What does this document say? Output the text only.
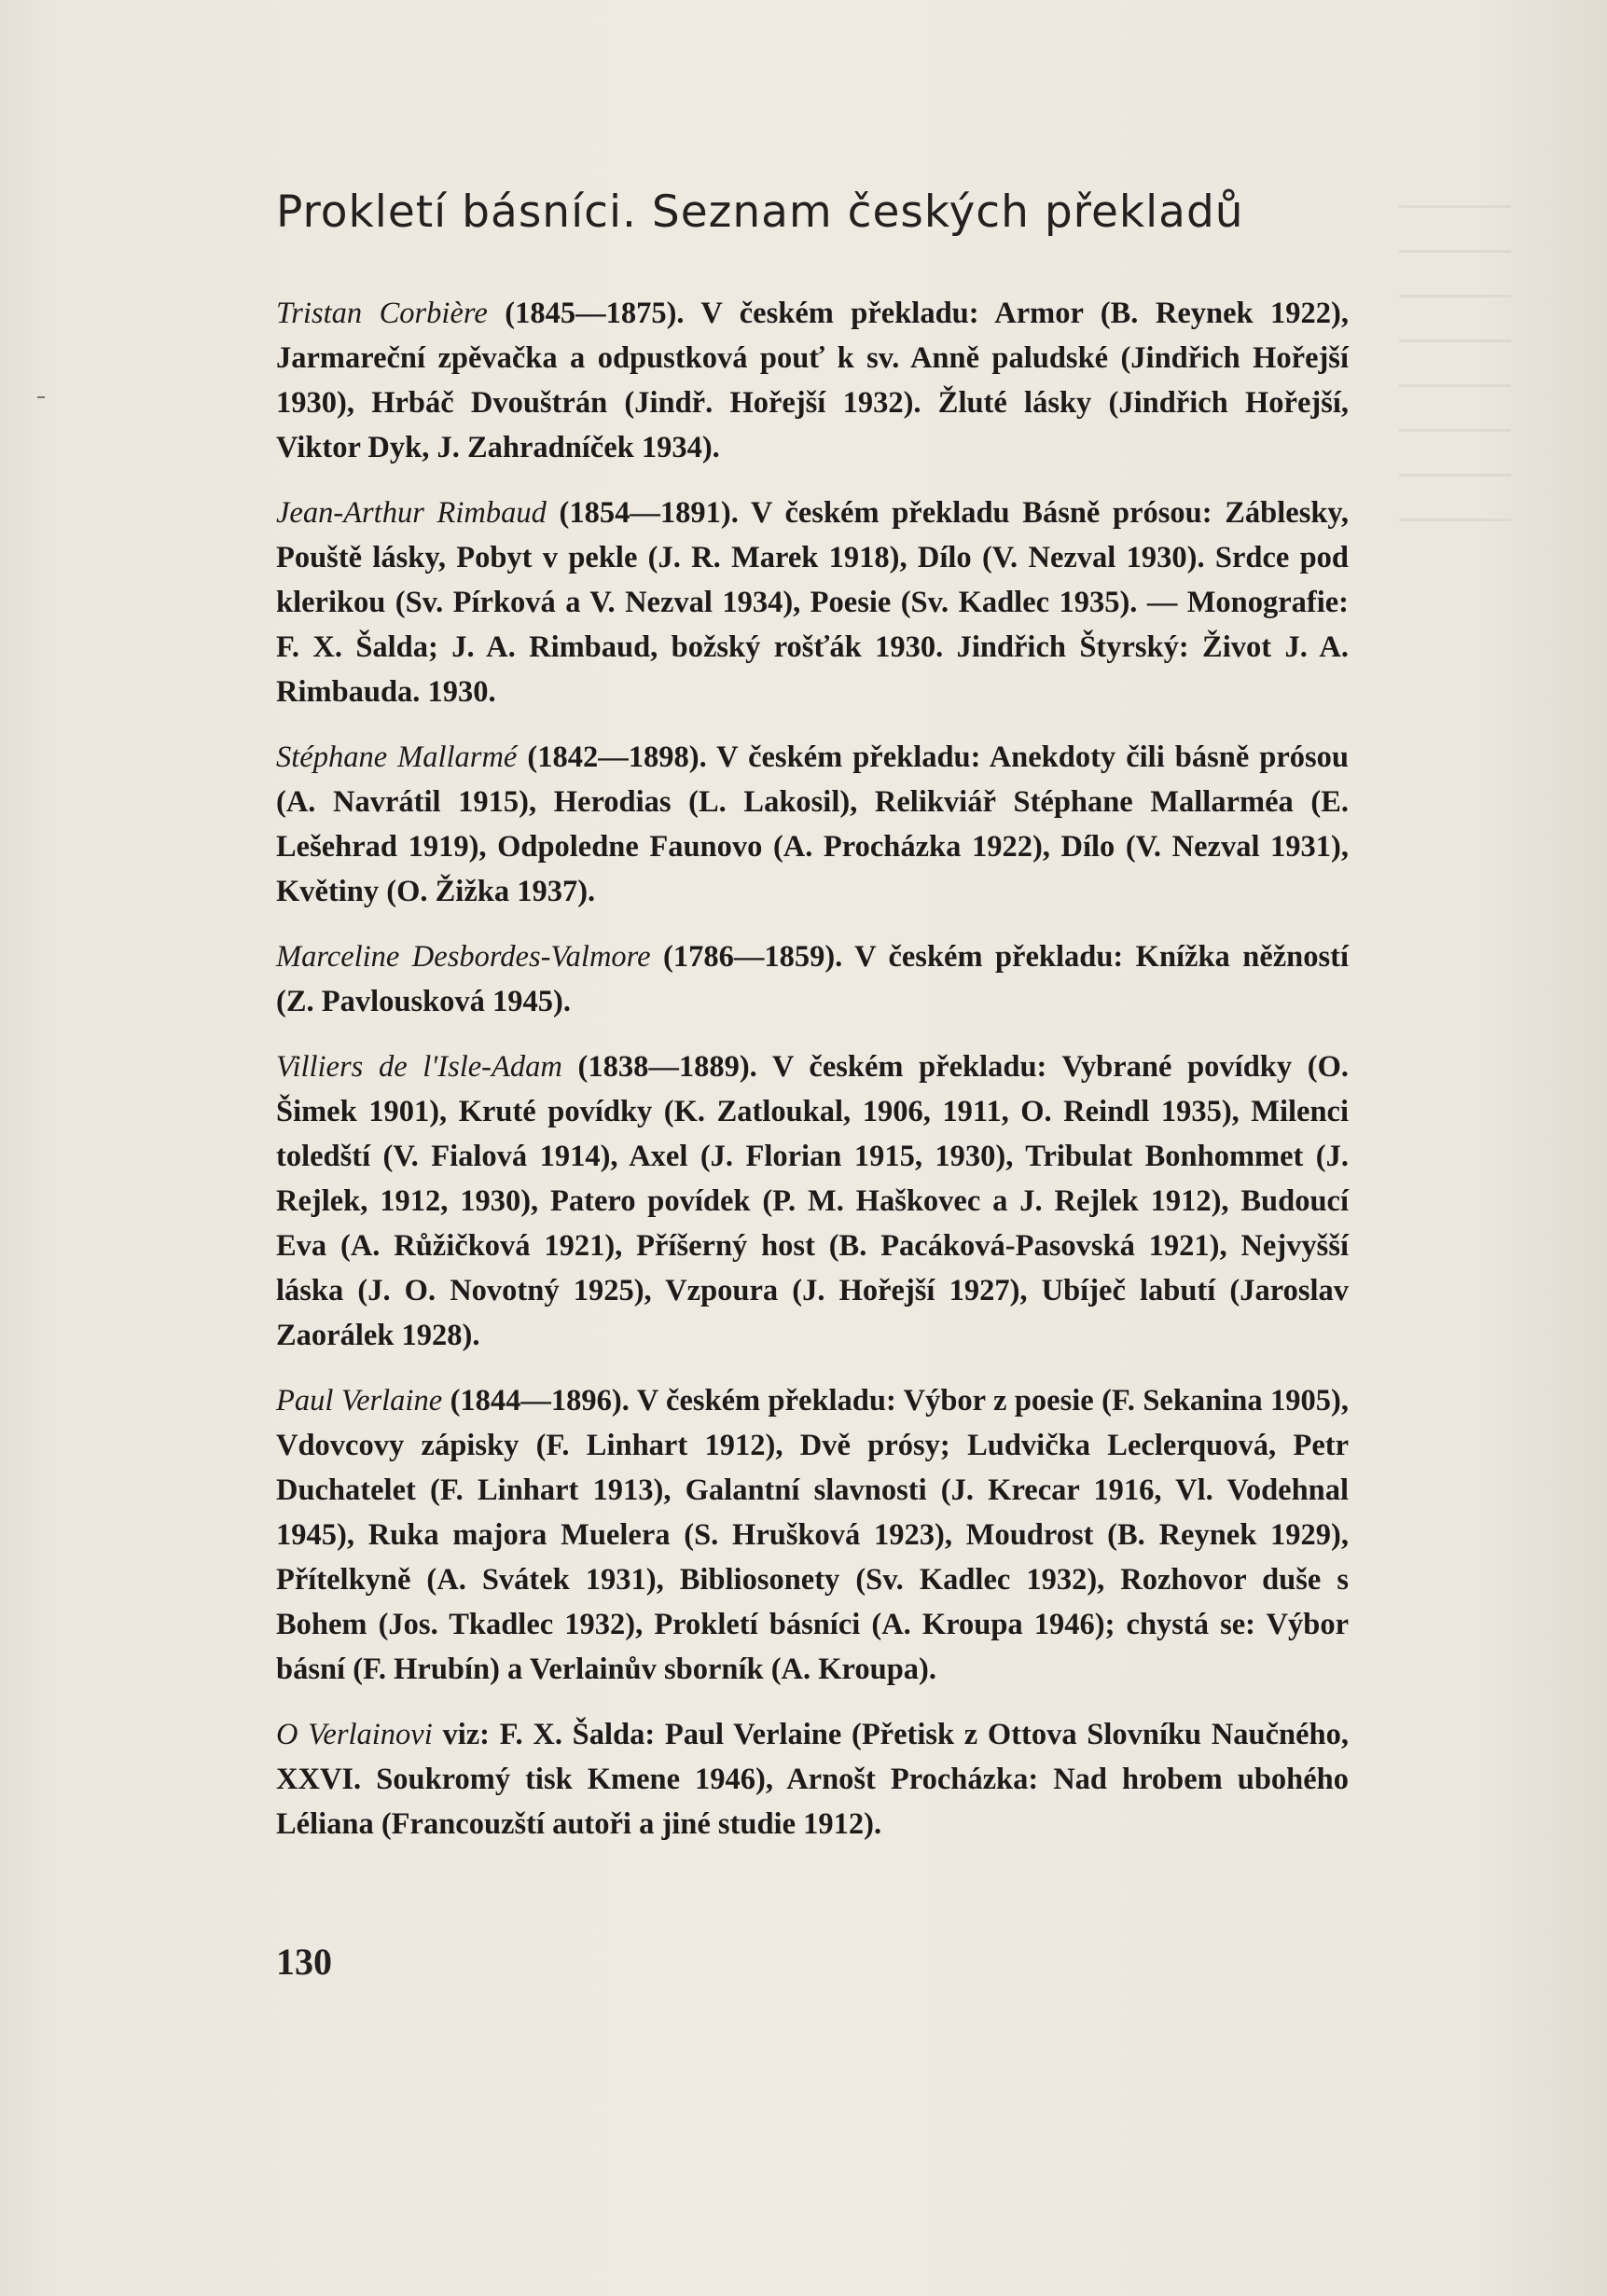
Prokletí básníci. Seznam českých překladů

Tristan Corbière (1845—1875). V českém překladu: Armor (B. Reynek 1922), Jarmareční zpěvačka a odpustková pouť k sv. Anně paludské (Jindřich Hořejší 1930), Hrbáč Dvouštrán (Jindř. Hořejší 1932). Žluté lásky (Jindřich Hořejší, Viktor Dyk, J. Zahradníček 1934).

Jean-Arthur Rimbaud (1854—1891). V českém překladu Básně prósou: Záblesky, Pouště lásky, Pobyt v pekle (J. R. Marek 1918), Dílo (V. Nezval 1930). Srdce pod klerikou (Sv. Pírková a V. Nezval 1934), Poesie (Sv. Kadlec 1935). — Monografie: F. X. Šalda; J. A. Rimbaud, božský rošťák 1930. Jindřich Štyrský: Život J. A. Rimbauda. 1930.

Stéphane Mallarmé (1842—1898). V českém překladu: Anekdoty čili básně prósou (A. Navrátil 1915), Herodias (L. Lakosil), Relikviář Stéphane Mallarméa (E. Lešehrad 1919), Odpoledne Faunovo (A. Procházka 1922), Dílo (V. Nezval 1931), Květiny (O. Žižka 1937).

Marceline Desbordes-Valmore (1786—1859). V českém překladu: Knížka něžností (Z. Pavlousková 1945).

Villiers de l'Isle-Adam (1838—1889). V českém překladu: Vybrané povídky (O. Šimek 1901), Kruté povídky (K. Zatloukal, 1906, 1911, O. Reindl 1935), Milenci toledští (V. Fialová 1914), Axel (J. Florian 1915, 1930), Tribulat Bonhommet (J. Rejlek, 1912, 1930), Patero povídek (P. M. Haškovec a J. Rejlek 1912), Budoucí Eva (A. Růžičková 1921), Příšerný host (B. Pacáková-Pasovská 1921), Nejvyšší láska (J. O. Novotný 1925), Vzpoura (J. Hořejší 1927), Ubíječ labutí (Jaroslav Zaorálek 1928).

Paul Verlaine (1844—1896). V českém překladu: Výbor z poesie (F. Sekanina 1905), Vdovcovy zápisky (F. Linhart 1912), Dvě prósy; Ludvička Leclerquová, Petr Duchatelet (F. Linhart 1913), Galantní slavnosti (J. Krecar 1916, Vl. Vodehnal 1945), Ruka majora Muelera (S. Hrušková 1923), Moudrost (B. Reynek 1929), Přítelkyně (A. Svátek 1931), Bibliosonety (Sv. Kadlec 1932), Rozhovor duše s Bohem (Jos. Tkadlec 1932), Prokletí básníci (A. Kroupa 1946); chystá se: Výbor básní (F. Hrubín) a Verlainův sborník (A. Kroupa).

O Verlainovi viz: F. X. Šalda: Paul Verlaine (Přetisk z Ottova Slovníku Naučného, XXVI. Soukromý tisk Kmene 1946), Arnošt Procházka: Nad hrobem ubohého Léliana (Francouzští autoři a jiné studie 1912).

130
